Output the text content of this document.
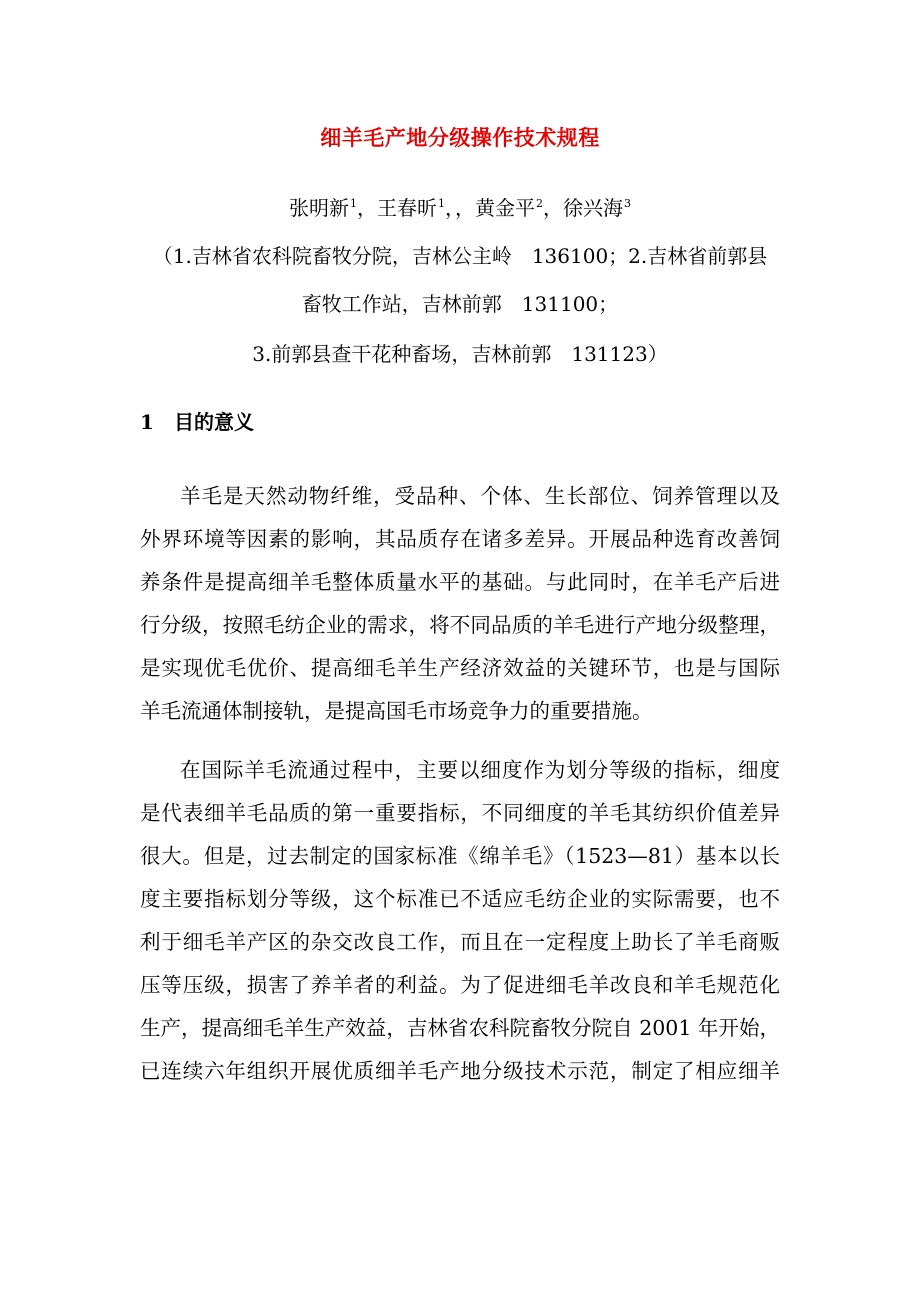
细羊毛产地分级操作技术规程
张明新$^1$，王春昕$^1$，，黄金平$^2$，徐兴海$^3$
（1.吉林省农科院畜牧分院，吉林公主岭　136100；2.吉林省前郭县
畜牧工作站，吉林前郭　131100；
3.前郭县查干花种畜场，吉林前郭　131123）
1 目的意义
羊毛是天然动物纤维，受品种、个体、生长部位、饲养管理以及
外界环境等因素的影响，其品质存在诸多差异。开展品种选育改善饲
养条件是提高细羊毛整体质量水平的基础。与此同时，在羊毛产后进
行分级，按照毛纺企业的需求，将不同品质的羊毛进行产地分级整理，
是实现优毛优价、提高细毛羊生产经济效益的关键环节，也是与国际
羊毛流通体制接轨，是提高国毛市场竞争力的重要措施。
在国际羊毛流通过程中，主要以细度作为划分等级的指标，细度
是代表细羊毛品质的第一重要指标，不同细度的羊毛其纺织价值差异
很大。但是，过去制定的国家标准《绵羊毛》（1523—81）基本以长
度主要指标划分等级，这个标准已不适应毛纺企业的实际需要，也不
利于细毛羊产区的杂交改良工作，而且在一定程度上助长了羊毛商贩
压等压级，损害了养羊者的利益。为了促进细毛羊改良和羊毛规范化
生产，提高细毛羊生产效益，吉林省农科院畜牧分院自 2001 年开始，
已连续六年组织开展优质细羊毛产地分级技术示范，制定了相应细羊
